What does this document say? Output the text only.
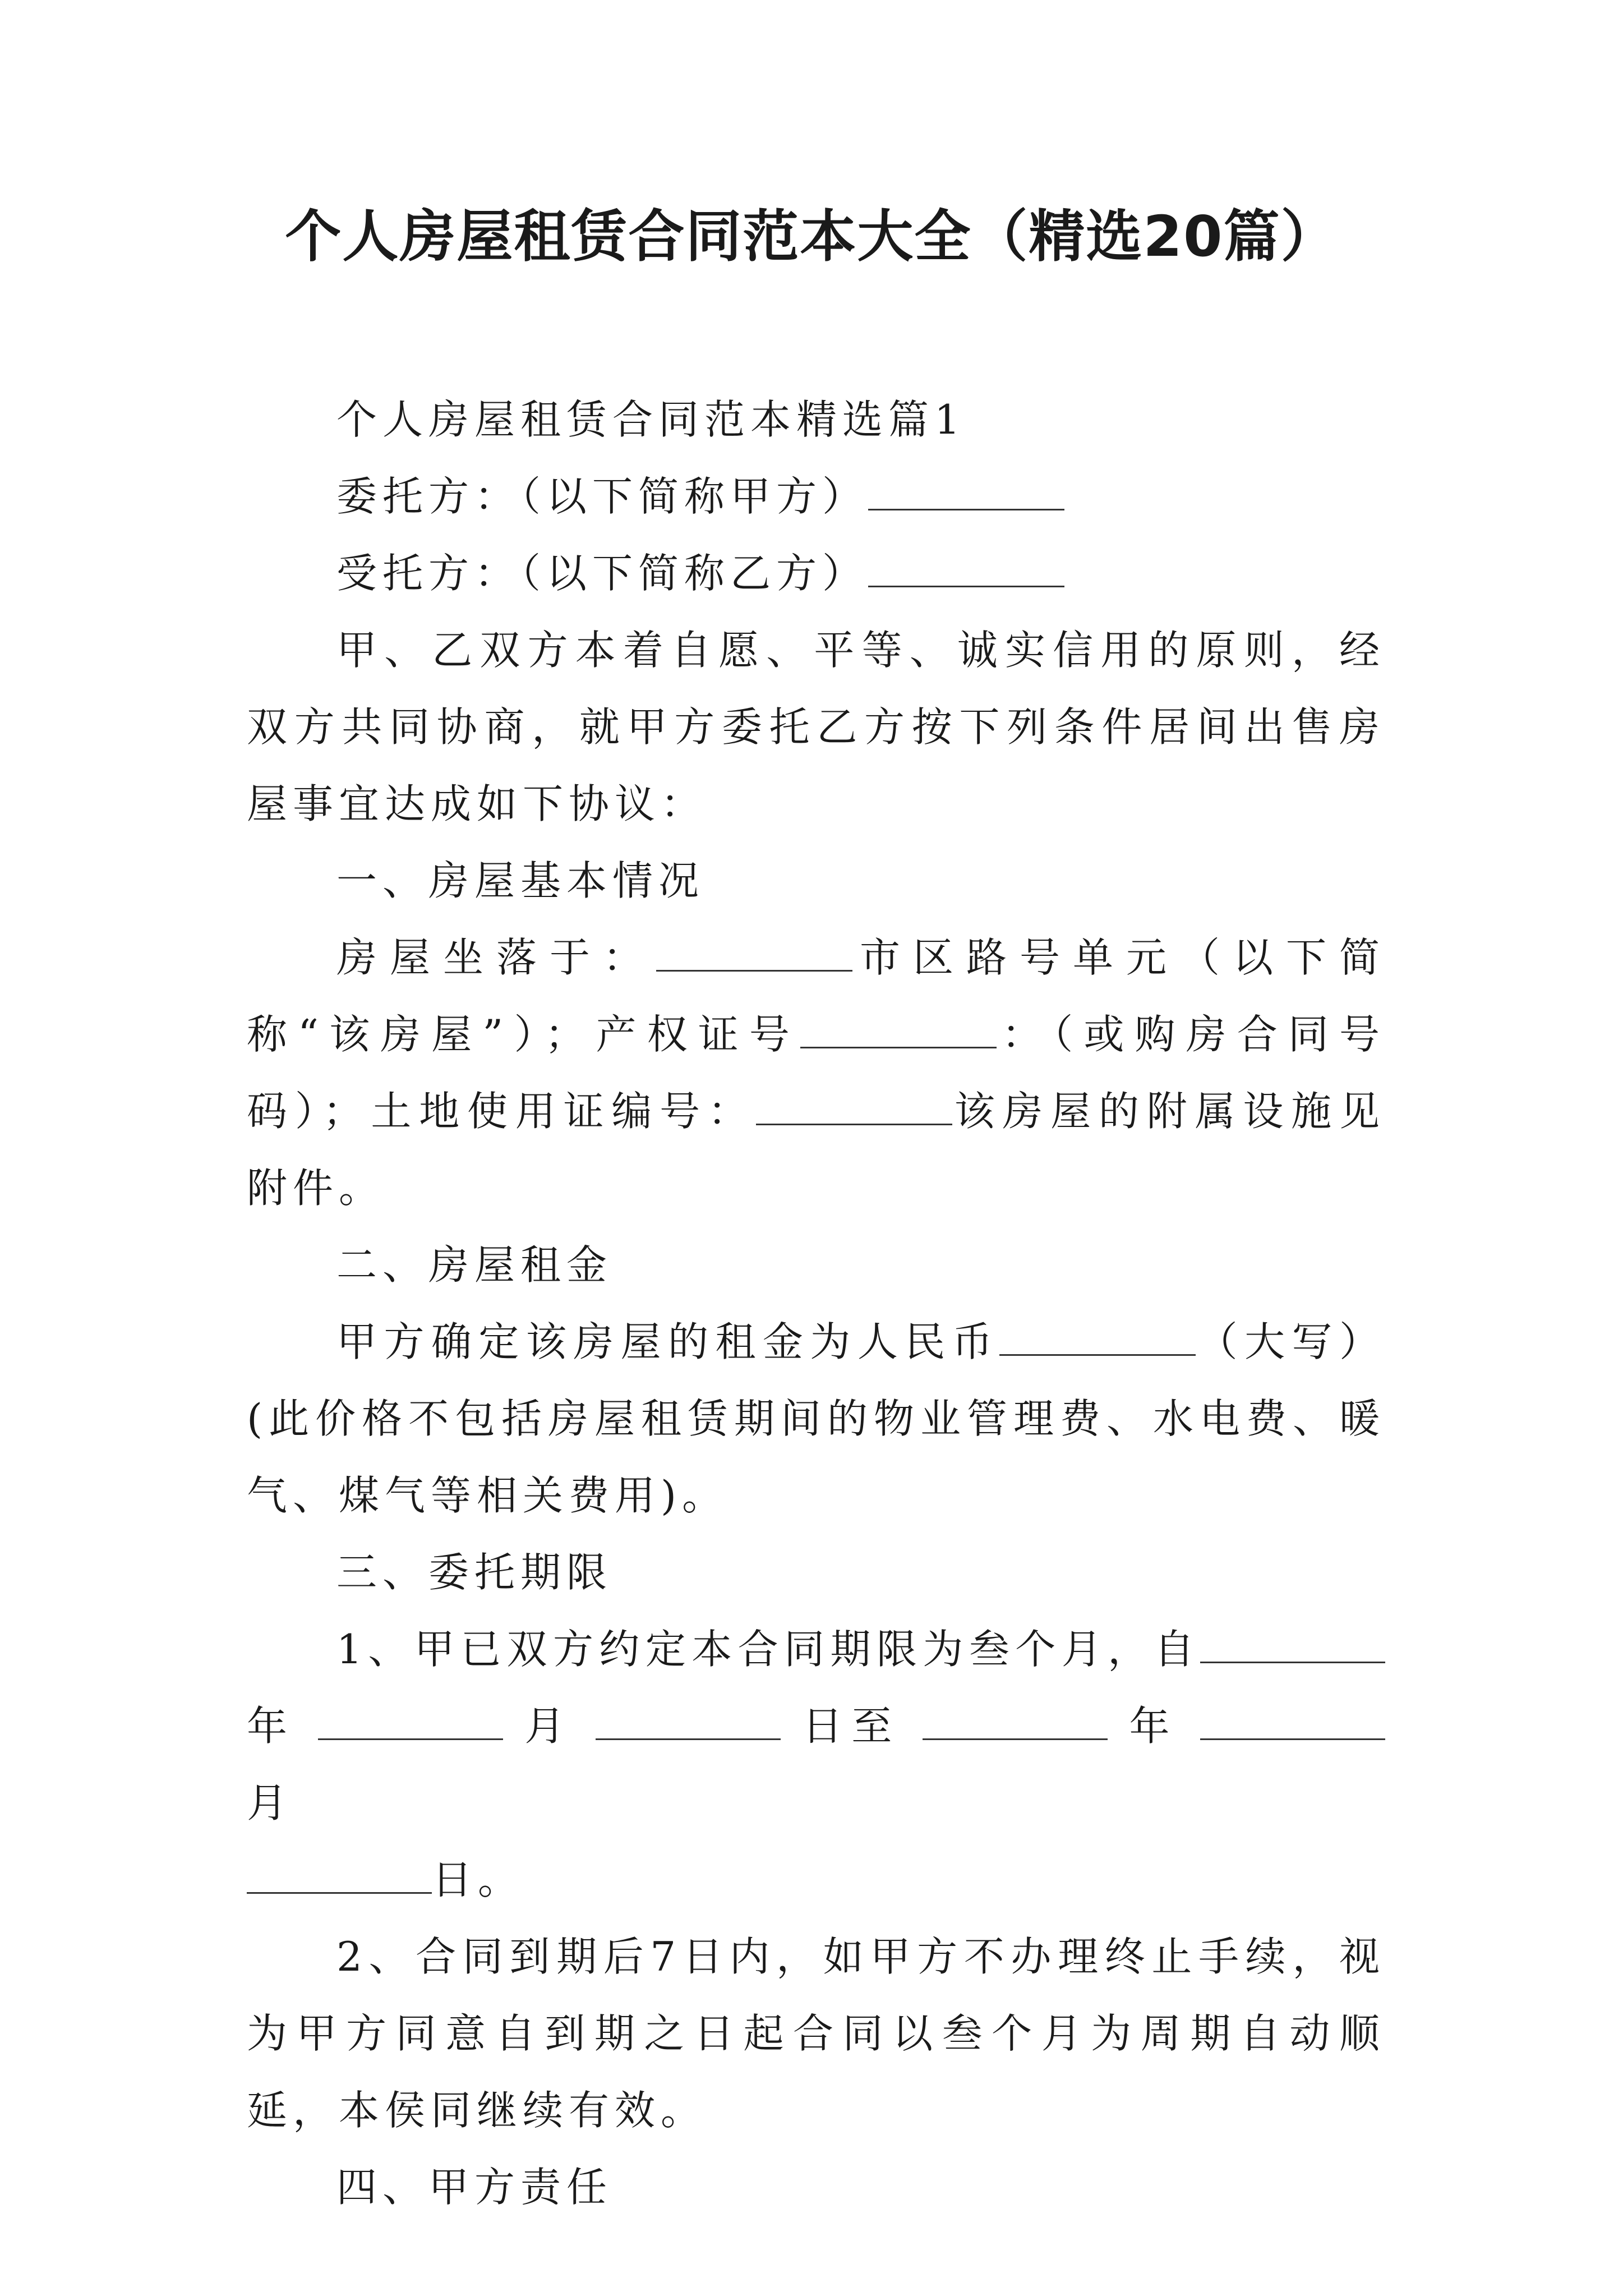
个人房屋租赁合同范本大全（精选20篇）

个人房屋租赁合同范本精选篇1

委托方：（以下简称甲方）

受托方：（以下简称乙方）

甲、乙双方本着自愿、平等、诚实信用的原则，经双方共同协商，就甲方委托乙方按下列条件居间出售房屋事宜达成如下协议：

一、房屋基本情况

房屋坐落于：	市区路号单元（以下简称“该房屋”）；产权证号	：（或购房合同号码）；土地使用证编号：	该房屋的附属设施见附件。

二、房屋租金

甲方确定该房屋的租金为人民币	（大写）(此价格不包括房屋租赁期间的物业管理费、水电费、暖气、煤气等相关费用)。

三、委托期限

1、甲已双方约定本合同期限为叁个月，自年	月	日至	年  月

日。

2、合同到期后7日内，如甲方不办理终止手续，视为甲方同意自到期之日起合同以叁个月为周期自动顺延，本侯同继续有效。

四、甲方责任
